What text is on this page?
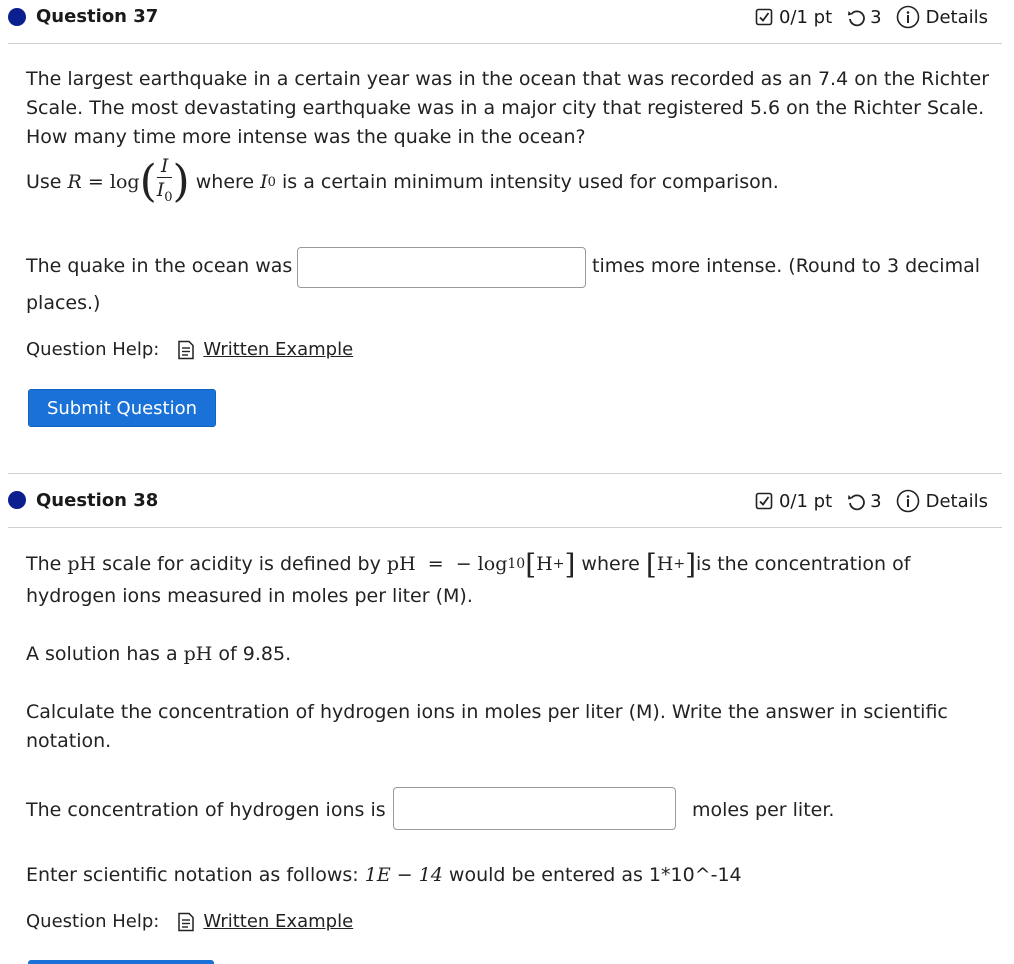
Question 37	0/1 pt 3 Details
The largest earthquake in a certain year was in the ocean that was recorded as an 7.4 on the Richter
Scale. The most devastating earthquake was in a major city that registered 5.6 on the Richter Scale.
How many time more intense was the quake in the ocean?
Use
R
=
log ( $\frac{I}{I_0}$ )
where
I 0
is a certain minimum intensity used for comparison.
The quake in the ocean was	times more intense. (Round to 3 decimal
places.)
Question Help: Written Example
Submit Question
Question 38	0/1 pt 3 Details
The
pH
scale for acidity is defined by
pH  =  − log 10 [ H + ]
where
[ H + ] is the concentration of
hydrogen ions measured in moles per liter (M).
A solution has a pH of 9.85.
Calculate the concentration of hydrogen ions in moles per liter (M). Write the answer in scientific
notation.
The concentration of hydrogen ions is	moles per liter.
Enter scientific notation as follows: 1E − 14 would be entered as 1*10^-14
Question Help: Written Example
